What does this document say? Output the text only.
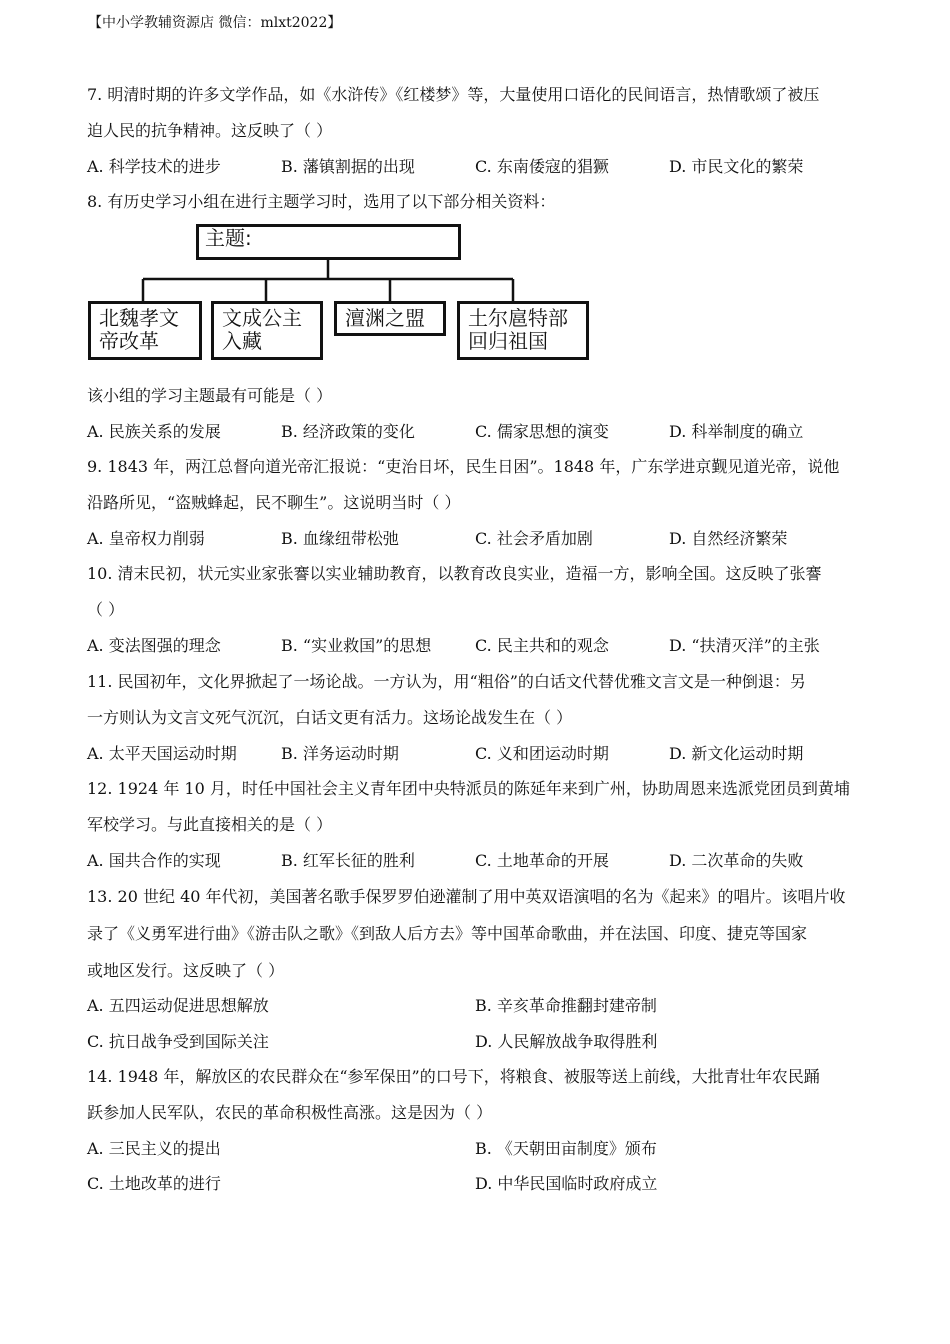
【中小学教辅资源店 微信：mlxt2022】
7. 明清时期的许多文学作品，如《水浒传》《红楼梦》等，大量使用口语化的民间语言，热情歌颂了被压
迫人民的抗争精神。这反映了（ ）
A. 科学技术的进步	B. 藩镇割据的出现	C. 东南倭寇的猖獗	D. 市民文化的繁荣
8. 有历史学习小组在进行主题学习时，选用了以下部分相关资料：
主题:
北魏孝文
帝改革
文成公主
入藏
澶渊之盟	土尔扈特部
回归祖国
该小组的学习主题最有可能是（ ）
A. 民族关系的发展	B. 经济政策的变化	C. 儒家思想的演变	D. 科举制度的确立
9. 1843 年，两江总督向道光帝汇报说：“吏治日坏，民生日困”。1848 年，广东学进京觐见道光帝，说他
沿路所见，“盗贼蜂起，民不聊生”。这说明当时（ ）
A. 皇帝权力削弱	B. 血缘纽带松弛	C. 社会矛盾加剧	D. 自然经济繁荣
10. 清末民初，状元实业家张謇以实业辅助教育，以教育改良实业，造福一方，影响全国。这反映了张謇
（ ）
A. 变法图强的理念	B. “实业救国”的思想	C. 民主共和的观念	D. “扶清灭洋”的主张
11. 民国初年，文化界掀起了一场论战。一方认为，用“粗俗”的白话文代替优雅文言文是一种倒退：另
一方则认为文言文死气沉沉，白话文更有活力。这场论战发生在（ ）
A. 太平天国运动时期	B. 洋务运动时期	C. 义和团运动时期	D. 新文化运动时期
12. 1924 年 10 月，时任中国社会主义青年团中央特派员的陈延年来到广州，协助周恩来选派党团员到黄埔
军校学习。与此直接相关的是（ ）
A. 国共合作的实现	B. 红军长征的胜利	C. 土地革命的开展	D. 二次革命的失败
13. 20 世纪 40 年代初，美国著名歌手保罗罗伯逊灌制了用中英双语演唱的名为《起来》的唱片。该唱片收
录了《义勇军进行曲》《游击队之歌》《到敌人后方去》等中国革命歌曲，并在法国、印度、捷克等国家
或地区发行。这反映了（ ）
A. 五四运动促进思想解放	B. 辛亥革命推翻封建帝制
C. 抗日战争受到国际关注	D. 人民解放战争取得胜利
14. 1948 年，解放区的农民群众在“参军保田”的口号下，将粮食、被服等送上前线，大批青壮年农民踊
跃参加人民军队，农民的革命积极性高涨。这是因为（ ）
A. 三民主义的提出	B. 《天朝田亩制度》颁布
C. 土地改革的进行	D. 中华民国临时政府成立
